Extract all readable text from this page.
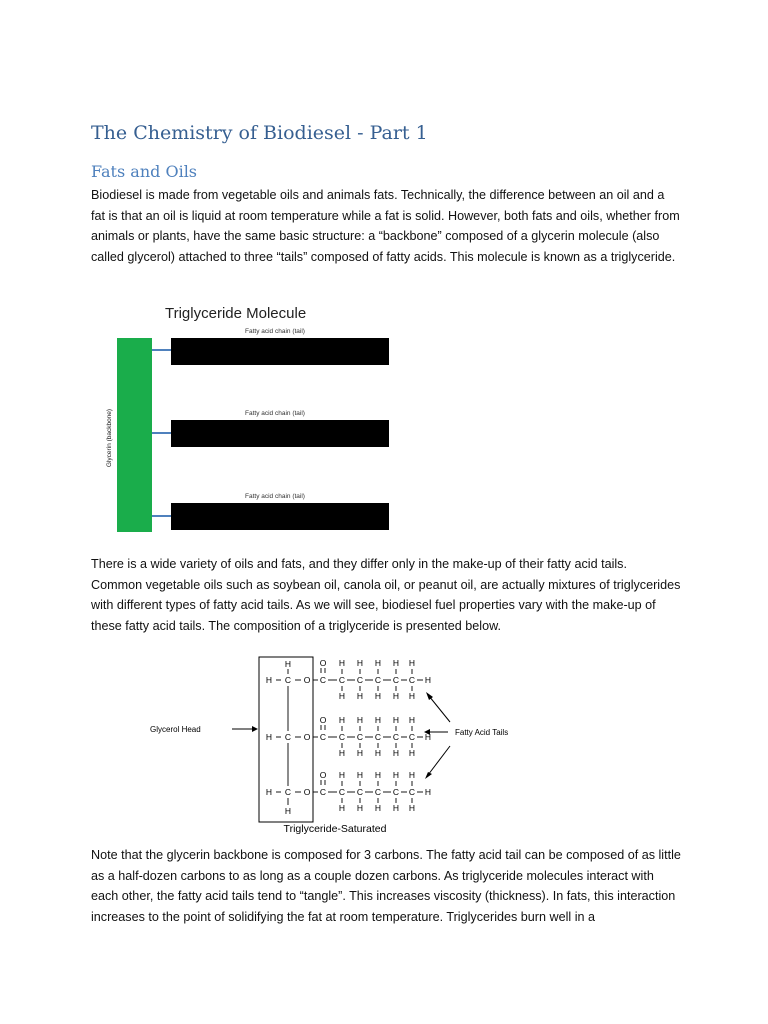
The Chemistry of Biodiesel - Part 1
Fats and Oils

Biodiesel is made from vegetable oils and animals fats. Technically, the difference between an oil and a fat is that an oil is liquid at room temperature while a fat is solid. However, both fats and oils, whether from animals or plants, have the same basic structure: a “backbone” composed of a glycerin molecule (also called glycerol) attached to three “tails” composed of fatty acids. This molecule is known as a triglyceride.

Triglyceride Molecule
Glycerin (backbone)
Fatty acid chain (tail)
Fatty acid chain (tail)
Fatty acid chain (tail)

There is a wide variety of oils and fats, and they differ only in the make-up of their fatty acid tails. Common vegetable oils such as soybean oil, canola oil, or peanut oil, are actually mixtures of triglycerides with different types of fatty acid tails. As we will see, biodiesel fuel properties vary with the make-up of these fatty acid tails. The composition of a triglyceride is presented below.

Glycerol Head	Fatty Acid Tails
H C O C
O
C
H
H
C
H
H
C
H
H
C
H
H
C
H
H
H
H C O C
O
C
H
H
C
H
H
C
H
H
C
H
H
C
H
H
H
H C O C
O
C
H
H
C
H
H
C
H
H
C
H
H
C
H
H
H
H
H
Triglyceride-Saturated

Note that the glycerin backbone is composed for 3 carbons. The fatty acid tail can be composed of as little as a half-dozen carbons to as long as a couple dozen carbons. As triglyceride molecules interact with each other, the fatty acid tails tend to “tangle”. This increases viscosity (thickness). In fats, this interaction increases to the point of solidifying the fat at room temperature. Triglycerides burn well in a
